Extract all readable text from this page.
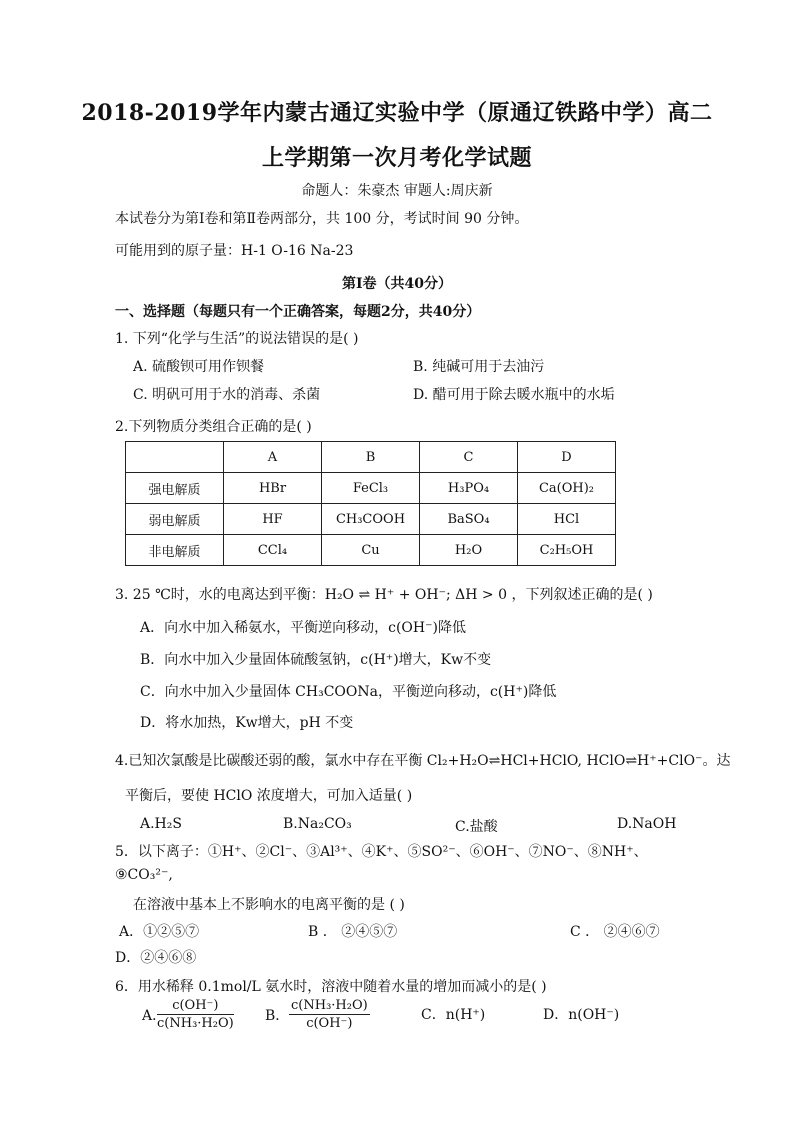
2018-2019学年内蒙古通辽实验中学（原通辽铁路中学）高二
上学期第一次月考化学试题
命题人：朱豪杰 审题人:周庆新
本试卷分为第Ⅰ卷和第Ⅱ卷两部分，共 100 分，考试时间 90 分钟。
可能用到的原子量：H-1 O-16 Na-23
第Ⅰ卷（共40分）
一、选择题（每题只有一个正确答案，每题2分，共40分）
1. 下列“化学与生活”的说法错误的是( )
A. 硫酸钡可用作钡餐	B. 纯碱可用于去油污
C. 明矾可用于水的消毒、杀菌	D. 醋可用于除去暖水瓶中的水垢
2.下列物质分类组合正确的是( )
	A	B	C	D
强电解质	HBr	FeCl₃	H₃PO₄	Ca(OH)₂
弱电解质	HF	CH₃COOH	BaSO₄	HCl
非电解质	CCl₄	Cu	H₂O	C₂H₅OH
3. 25 ℃时，水的电离达到平衡：H₂O ⇌ H⁺ + OH⁻; ΔH > 0 ，下列叙述正确的是( )
A．向水中加入稀氨水，平衡逆向移动，c(OH⁻)降低
B．向水中加入少量固体硫酸氢钠，c(H⁺)增大，Kw不变
C．向水中加入少量固体 CH₃COONa，平衡逆向移动，c(H⁺)降低
D．将水加热，Kw增大，pH 不变
4.已知次氯酸是比碳酸还弱的酸，氯水中存在平衡 Cl₂+H₂O⇌HCl+HClO, HClO⇌H⁺+ClO⁻。达
平衡后，要使 HClO 浓度增大，可加入适量( )
A.H₂S	B.Na₂CO₃	C.盐酸	D.NaOH
5．以下离子：①H⁺、②Cl⁻、③Al³⁺、④K⁺、⑤SO²⁻、⑥OH⁻、⑦NO⁻、⑧NH⁺、
⑨CO₃²⁻,
在溶液中基本上不影响水的电离平衡的是 ( )
A．①②⑤⑦	B ． ②④⑤⑦	C ． ②④⑥⑦
D．②④⑥⑧
6．用水稀释 0.1mol/L 氨水时，溶液中随着水量的增加而减小的是( )
A．
$\frac{c(OH^-)}{\text{c(NH₃·H₂O)}}$ B． $\frac{\text{c(NH₃·H₂O)}}{c(OH^-)}$	C．n(H⁺)	D．n(OH⁻)
